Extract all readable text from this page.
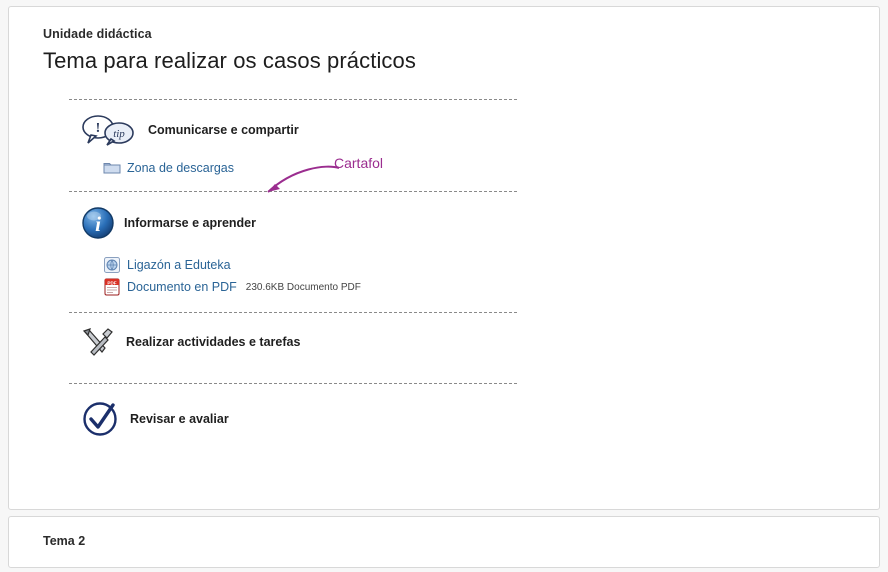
Unidade didáctica
Tema para realizar os casos prácticos
! tip Comunicarse e compartir
Zona de descargas
i Informarse e aprender
Ligazón a Eduteka
PDF Documento en PDF 230.6KB Documento PDF
Realizar actividades e tarefas
Revisar e avaliar
Cartafol
Tema 2
